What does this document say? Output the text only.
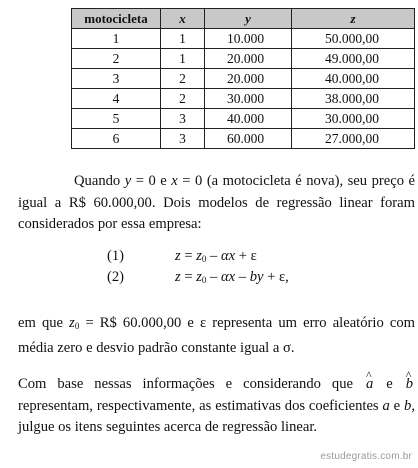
motocicleta	x	y	z
1	1	10.000	50.000,00
2	1	20.000	49.000,00
3	2	20.000	40.000,00
4	2	30.000	38.000,00
5	3	40.000	30.000,00
6	3	60.000	27.000,00
Quando y = 0 e x = 0 (a motocicleta é nova), seu preço é igual a R$ 60.000,00. Dois modelos de regressão linear foram considerados por essa empresa:
(1)	$z = z_0 - \alpha x + \varepsilon$
(2)	$z = z_0 - \alpha x$ – by + ε,
em que $z_0$ = R$ 60.000,00 e ε representa um erro aleatório com média zero e desvio padrão constante igual a σ.
Com base nessas informações e considerando que ^ a e ^ b representam, respectivamente, as estimativas dos coeficientes a e b, julgue os itens seguintes acerca de regressão linear.
estudegratis.com.br
